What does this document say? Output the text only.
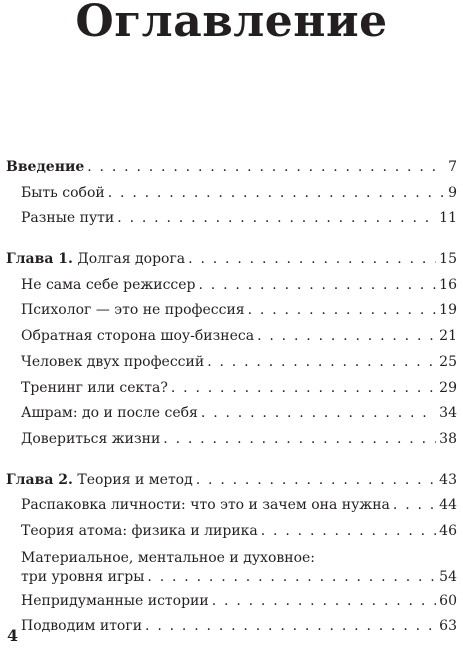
Оглавление
Введение . . .	7
Быть собой . . .	9
Разные пути . . .	11
Глава 1. Долгая дорога . . .	15
Не сама себе режиссер . . .	16
Психолог — это не профессия . . .	19
Обратная сторона шоу-бизнеса . . .	21
Человек двух профессий . . .	25
Тренинг или секта? . . .	29
Ашрам: до и после себя . . .	34
Довериться жизни . . .	38
Глава 2. Теория и метод . . .	43
Распаковка личности: что это и зачем она нужна . . .	44
Теория атома: физика и лирика . . .	46
Материальное, ментальное и духовное:
три уровня игры . . .	54
Непридуманные истории . . .	60
Подводим итоги . . .	63
4
